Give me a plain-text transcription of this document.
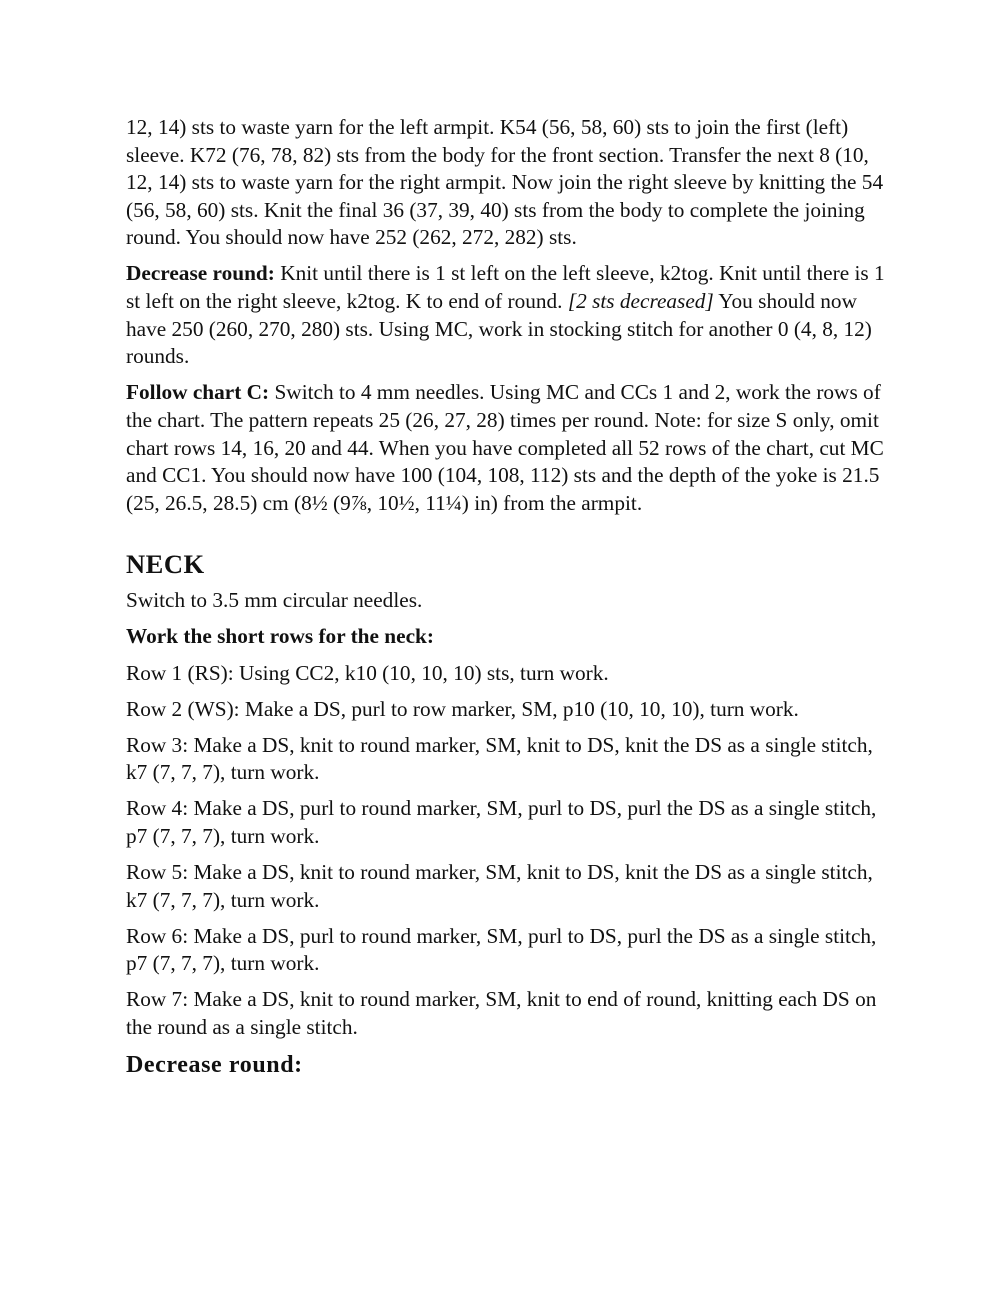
12, 14) sts to waste yarn for the left armpit. K54 (56, 58, 60) sts to join the first (left) sleeve. K72 (76, 78, 82) sts from the body for the front section. Transfer the next 8 (10, 12, 14) sts to waste yarn for the right armpit. Now join the right sleeve by knitting the 54 (56, 58, 60) sts. Knit the final 36 (37, 39, 40) sts from the body to complete the joining round. You should now have 252 (262, 272, 282) sts.

Decrease round: Knit until there is 1 st left on the left sleeve, k2tog. Knit until there is 1 st left on the right sleeve, k2tog. K to end of round. [2 sts decreased] You should now have 250 (260, 270, 280) sts. Using MC, work in stocking stitch for another 0 (4, 8, 12) rounds.

Follow chart C: Switch to 4 mm needles. Using MC and CCs 1 and 2, work the rows of the chart. The pattern repeats 25 (26, 27, 28) times per round. Note: for size S only, omit chart rows 14, 16, 20 and 44. When you have completed all 52 rows of the chart, cut MC and CC1. You should now have 100 (104, 108, 112) sts and the depth of the yoke is 21.5 (25, 26.5, 28.5) cm (8½ (9⅞, 10½, 11¼) in) from the armpit.

NECK

Switch to 3.5 mm circular needles.

Work the short rows for the neck:

Row 1 (RS): Using CC2, k10 (10, 10, 10) sts, turn work.

Row 2 (WS): Make a DS, purl to row marker, SM, p10 (10, 10, 10), turn work.

Row 3: Make a DS, knit to round marker, SM, knit to DS, knit the DS as a single stitch, k7 (7, 7, 7), turn work.

Row 4: Make a DS, purl to round marker, SM, purl to DS, purl the DS as a single stitch, p7 (7, 7, 7), turn work.

Row 5: Make a DS, knit to round marker, SM, knit to DS, knit the DS as a single stitch, k7 (7, 7, 7), turn work.

Row 6: Make a DS, purl to round marker, SM, purl to DS, purl the DS as a single stitch, p7 (7, 7, 7), turn work.

Row 7: Make a DS, knit to round marker, SM, knit to end of round, knitting each DS on the round as a single stitch.

Decrease round:
